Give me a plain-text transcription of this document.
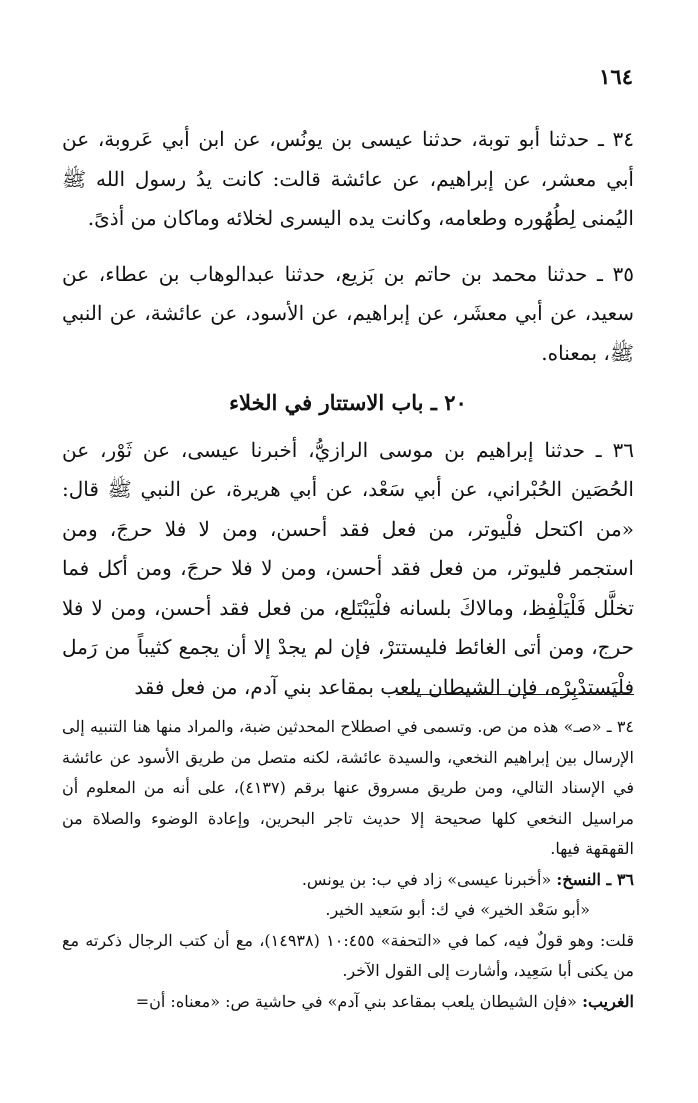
١٦٤

٣٤ ـ حدثنا أبو توبة، حدثنا عيسى بن يونُس، عن ابن أبي عَروبة، عن أبي معشر، عن إبراهيم، عن عائشة قالت: كانت يدُ رسول الله ﷺ اليُمنى لِطُهُوره وطعامه، وكانت يده اليسرى لخلائه وماكان من أذىً.

٣٥ ـ حدثنا محمد بن حاتم بن بَزيع، حدثنا عبدالوهاب بن عطاء، عن سعيد، عن أبي معشَر، عن إبراهيم، عن الأسود، عن عائشة، عن النبي ﷺ، بمعناه.

٢٠ ـ باب الاستتار في الخلاء

٣٦ ـ حدثنا إبراهيم بن موسى الرازيُّ، أخبرنا عيسى، عن ثَوْر، عن الحُصَين الحُبْراني، عن أبي سَعْد، عن أبي هريرة، عن النبي ﷺ قال: «من اكتحل فلْيوتر، من فعل فقد أحسن، ومن لا فلا حرجَ، ومن استجمر فليوتر، من فعل فقد أحسن، ومن لا فلا حرجَ، ومن أكل فما تخلَّل فَلْيَلْفِظ، ومالاكَ بلسانه فلْيَبْتَلع، من فعل فقد أحسن، ومن لا فلا حرج، ومن أتى الغائط فليستترْ، فإن لم يجدْ إلا أن يجمع كثيباً من رَمل فلْيَستدْبِرْه، فإن الشيطان يلعب بمقاعد بني آدم، من فعل فقد

٣٤ ـ «صـ» هذه من ص. وتسمى في اصطلاح المحدثين ضبة، والمراد منها هنا التنبيه إلى الإرسال بين إبراهيم النخعي، والسيدة عائشة، لكنه متصل من طريق الأسود عن عائشة في الإسناد التالي، ومن طريق مسروق عنها برقم (٤١٣٧)، على أنه من المعلوم أن مراسيل النخعي كلها صحيحة إلا حديث تاجر البحرين، وإعادة الوضوء والصلاة من القهقهة فيها.

٣٦ ـ النسخ: «أخبرنا عيسى» زاد في ب: بن يونس.

«أبو سَعْد الخير» في ك: أبو سَعيد الخير.

قلت: وهو قولٌ فيه، كما في «التحفة» ١٠:٤٥٥ (١٤٩٣٨)، مع أن كتب الرجال ذكرته مع من يكنى أبا سَعِيد، وأشارت إلى القول الآخر.

الغريب: «فإن الشيطان يلعب بمقاعد بني آدم» في حاشية ص: «معناه: أن=
